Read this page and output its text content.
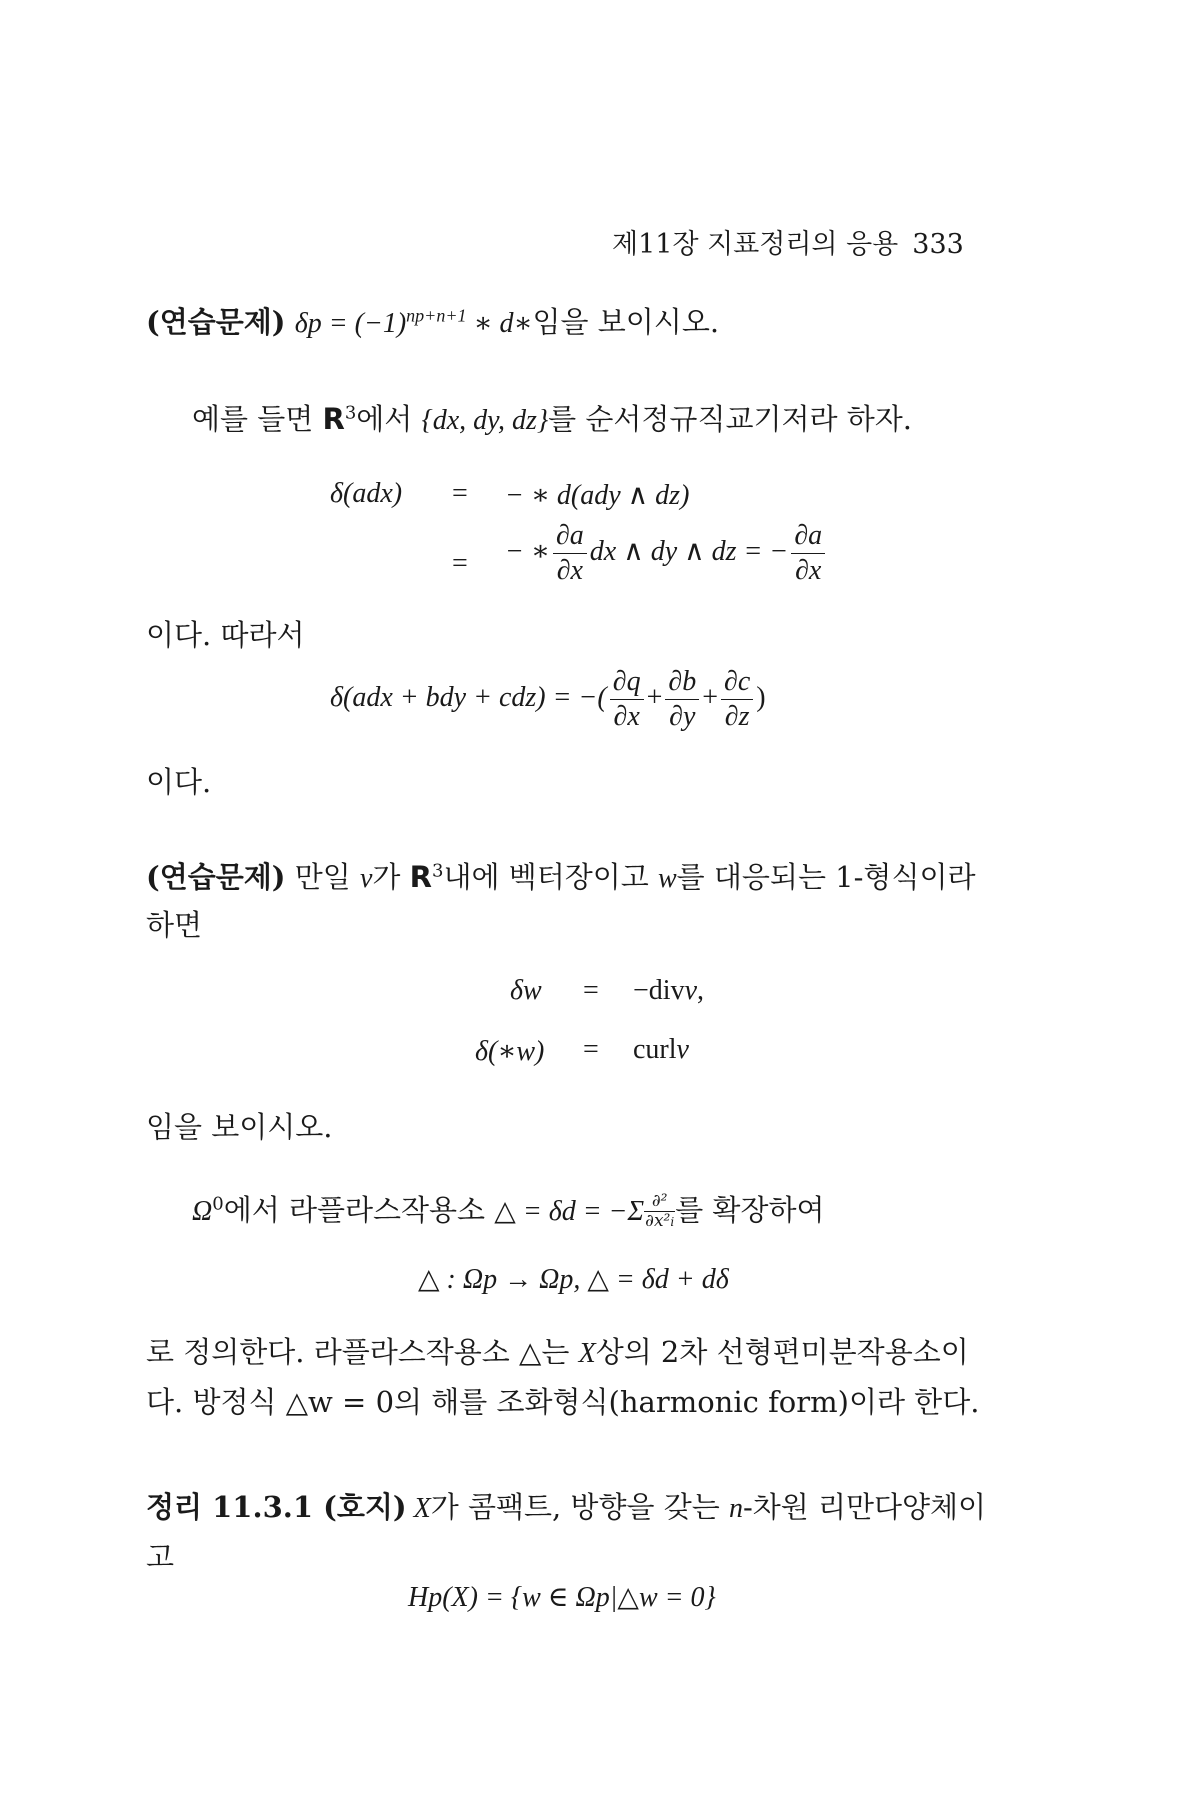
제11장 지표정리의 응용 333
(연습문제) $\delta p = (-1)^{np+n+1}$ ∗ d∗임을 보이시오.
예를 들면 $R^3$에서 {dx, dy, dz}를 순서정규직교기저라 하자.
δ(adx) = − ∗ d(ady ∧ dz)
= − ∗ $\frac{\partial a}{\partial x}$ dx ∧ dy ∧ dz = − $\frac{\partial a}{\partial x}$
이다. 따라서
δ(adx + bdy + cdz) = −( $\frac{\partial q}{\partial x} + \frac{\partial b}{\partial y} + \frac{\partial c}{\partial z}$ )
이다.
(연습문제) 만일 v가 $R^3$내에 벡터장이고 w를 대응되는 1-형식이라
하면
δw = −divv,
δ(∗w) = curlv
임을 보이시오.
$\Omega^0$에서 라플라스작용소 △ = δd = −Σ ∂²
∂x²i 를 확장하여
△ : Ωp → Ωp, △ = δd + dδ
로 정의한다. 라플라스작용소 △는 X상의 2차 선형편미분작용소이
다. 방정식 △w = 0의 해를 조화형식(harmonic form)이라 한다.
정리 11.3.1 (호지) X가 콤팩트, 방향을 갖는 n-차원 리만다양체이
고
Hp(X) = {w ∈ Ωp|△w = 0}
